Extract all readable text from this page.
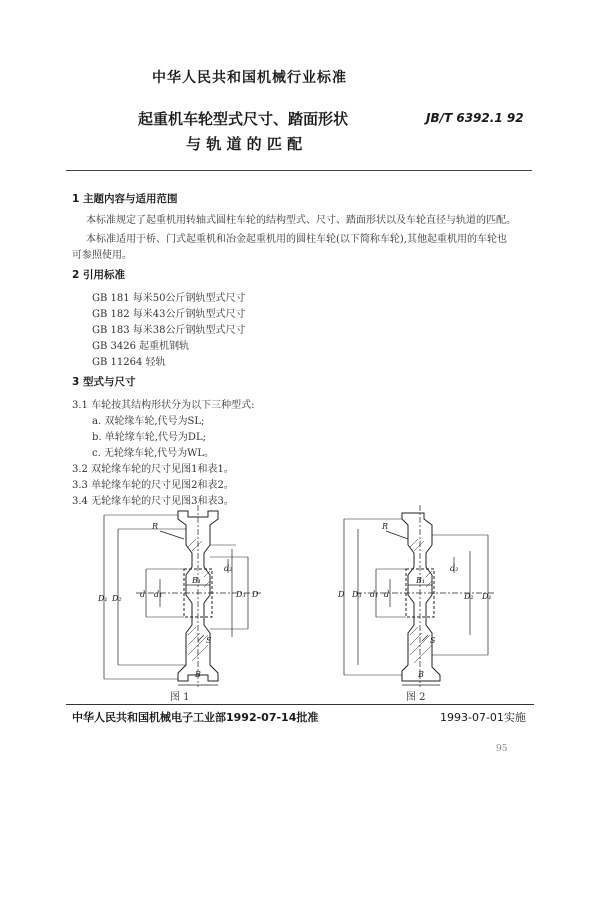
中华人民共和国机械行业标准
起重机车轮型式尺寸、踏面形状
与 轨 道 的 匹 配
JB/T 6392.1 92
1 主题内容与适用范围
本标准规定了起重机用转轴式圆柱车轮的结构型式、尺寸、踏面形状以及车轮直径与轨道的匹配。
本标准适用于桥、门式起重机和冶金起重机用的圆柱车轮(以下简称车轮),其他起重机用的车轮也
可参照使用。
2 引用标准
GB 181 每米50公斤钢轨型式尺寸
GB 182 每米43公斤钢轨型式尺寸
GB 183 每米38公斤钢轨型式尺寸
GB 3426 起重机钢轨
GB 11264 轻轨
3 型式与尺寸
3.1 车轮按其结构形状分为以下三种型式:
a. 双轮缘车轮,代号为SL;
b. 单轮缘车轮,代号为DL;
c. 无轮缘车轮,代号为WL。
3.2 双轮缘车轮的尺寸见图1和表1。
3.3 单轮缘车轮的尺寸见图2和表2。
3.4 无轮缘车轮的尺寸见图3和表3。
R
D₁ D₂ d d₁
B₁
d₂
D₃ D
S
B
图 1
R
D D₃ d₁ d
B₁
d₂
D₂ D₁
S
B
图 2
中华人民共和国机械电子工业部1992-07-14批准	1993-07-01实施
95
